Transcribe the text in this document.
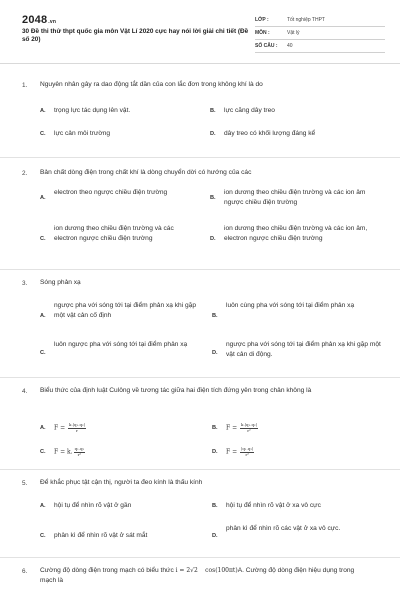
2048.vn
30 Đề thi thử thpt quốc gia môn Vật Lí 2020 cực hay nói lời giải chi tiết (Đề số 20)
LỚP :	Tốt nghiệp THPT
MÔN :	Vật lý
SỐ CÂU :	40
1. Nguyên nhân gây ra dao động tắt dần của con lắc đơn trong không khí là do
A. trọng lực tác dụng lên vật.	B. lực căng dây treo
C. lực cản môi trường	D. dây treo có khối lượng đáng kể
2. Bản chất dòng điện trong chất khí là dòng chuyển dời có hướng của các
A.
electron theo ngược chiều điện trường
B.
ion dương theo chiều điện trường và các ion âm ngược chiều điện trường
C.
ion dương theo chiều điện trường và các electron ngược chiều điện trường	D.
ion dương theo chiều điện trường và các ion âm, electron ngược chiều điện trường
3. Sóng phản xạ
A.
ngược pha với sóng tới tại điểm phản xạ khi gặp một vật cản cố định	B.
luôn cùng pha với sóng tới tại điểm phản xạ
C.
luôn ngược pha với sóng tới tại điểm phản xạ
D.
ngược pha với sóng tới tại điểm phản xạ khi gặp một vật cản di động.
4. Biểu thức của định luật Culông về tương tác giữa hai điện tích đứng yên trong chân không là
A. $F = \frac{\text{k.|q₁.q₂|}}{r}$	B. $F = \frac{\text{k.|q₁.q₂|}}{\text{r²}}$
C. F = k. $\frac{\text{q₁.q₂}}{\text{r²}}$	D. $F = \frac{\text{|q₁.q₂|}}{\text{r²}}$
5. Để khắc phục tật cận thị, người ta đeo kính là thấu kính
A. hội tụ để nhìn rõ vật ở gần	B. hội tụ để nhìn rõ vật ở xa vô cực
C. phân kì để nhìn rõ vật ở sát mắt	D.
phân kì để nhìn rõ các vật ở xa vô cực.
6. Cường độ dòng điện trong mạch có biểu thức i = 2√2 cos(100πt)A. Cường độ dòng điện hiệu dụng trong mạch là
